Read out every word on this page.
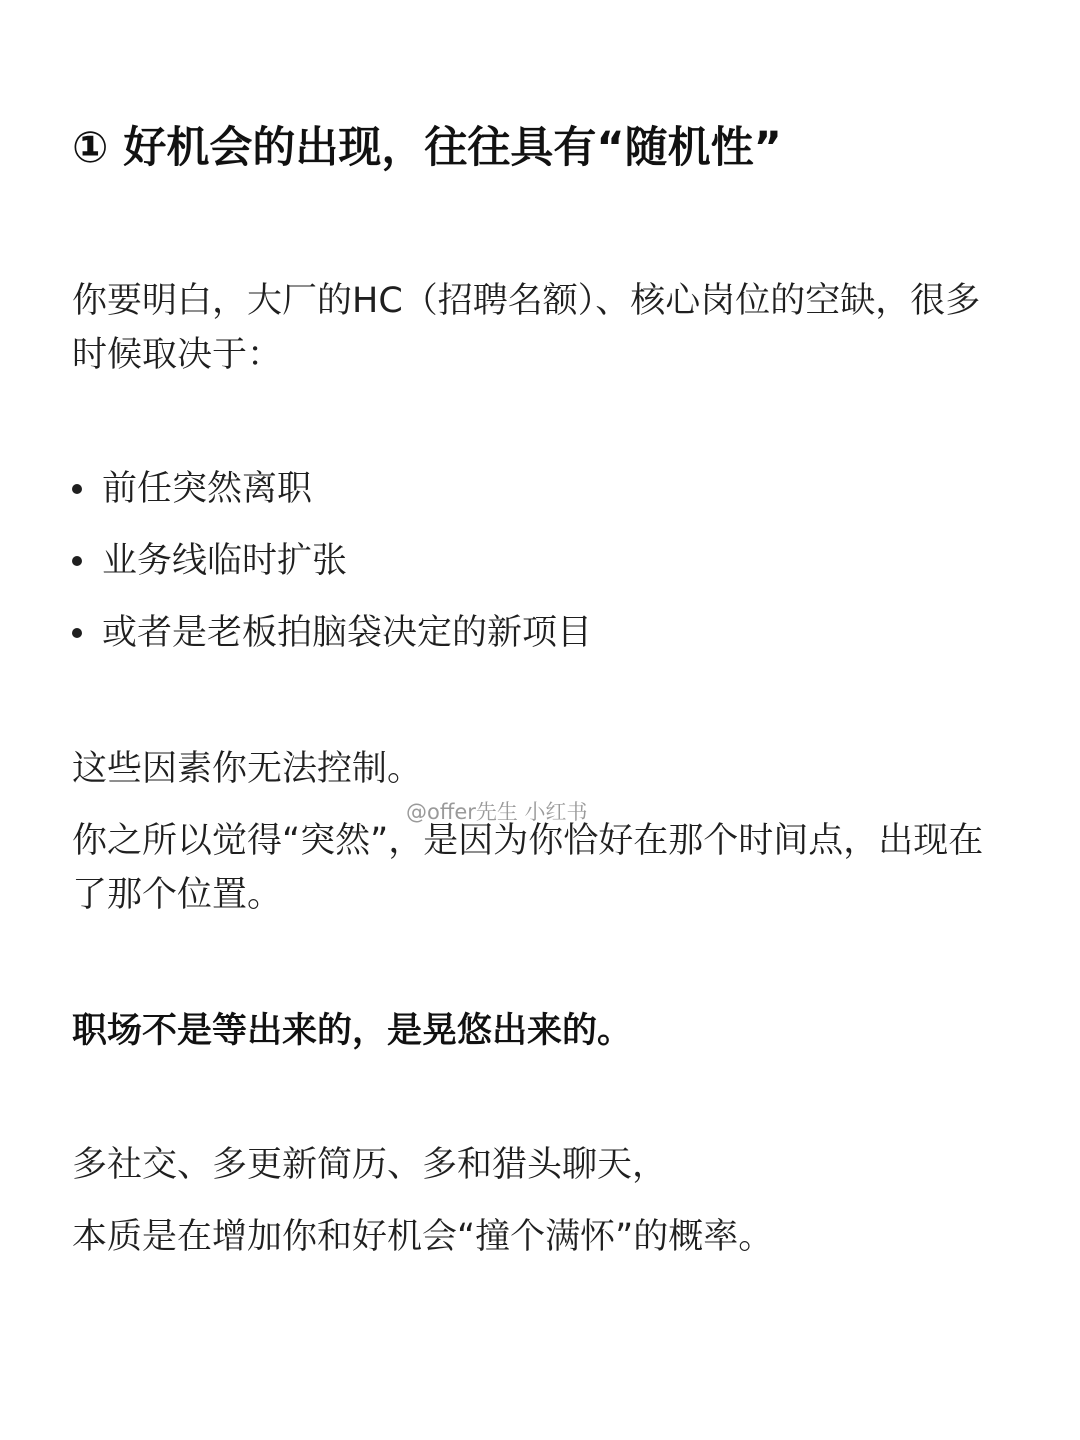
① 好机会的出现，往往具有“随机性”
你要明白，大厂的HC（招聘名额）、核心岗位的空缺，很多时候取决于：
前任突然离职
业务线临时扩张
或者是老板拍脑袋决定的新项目
这些因素你无法控制。
你之所以觉得“突然”，是因为你恰好在那个时间点，出现在了那个位置。
职场不是等出来的，是晃悠出来的。
多社交、多更新简历、多和猎头聊天，
本质是在增加你和好机会“撞个满怀”的概率。
@offer先生 小红书
